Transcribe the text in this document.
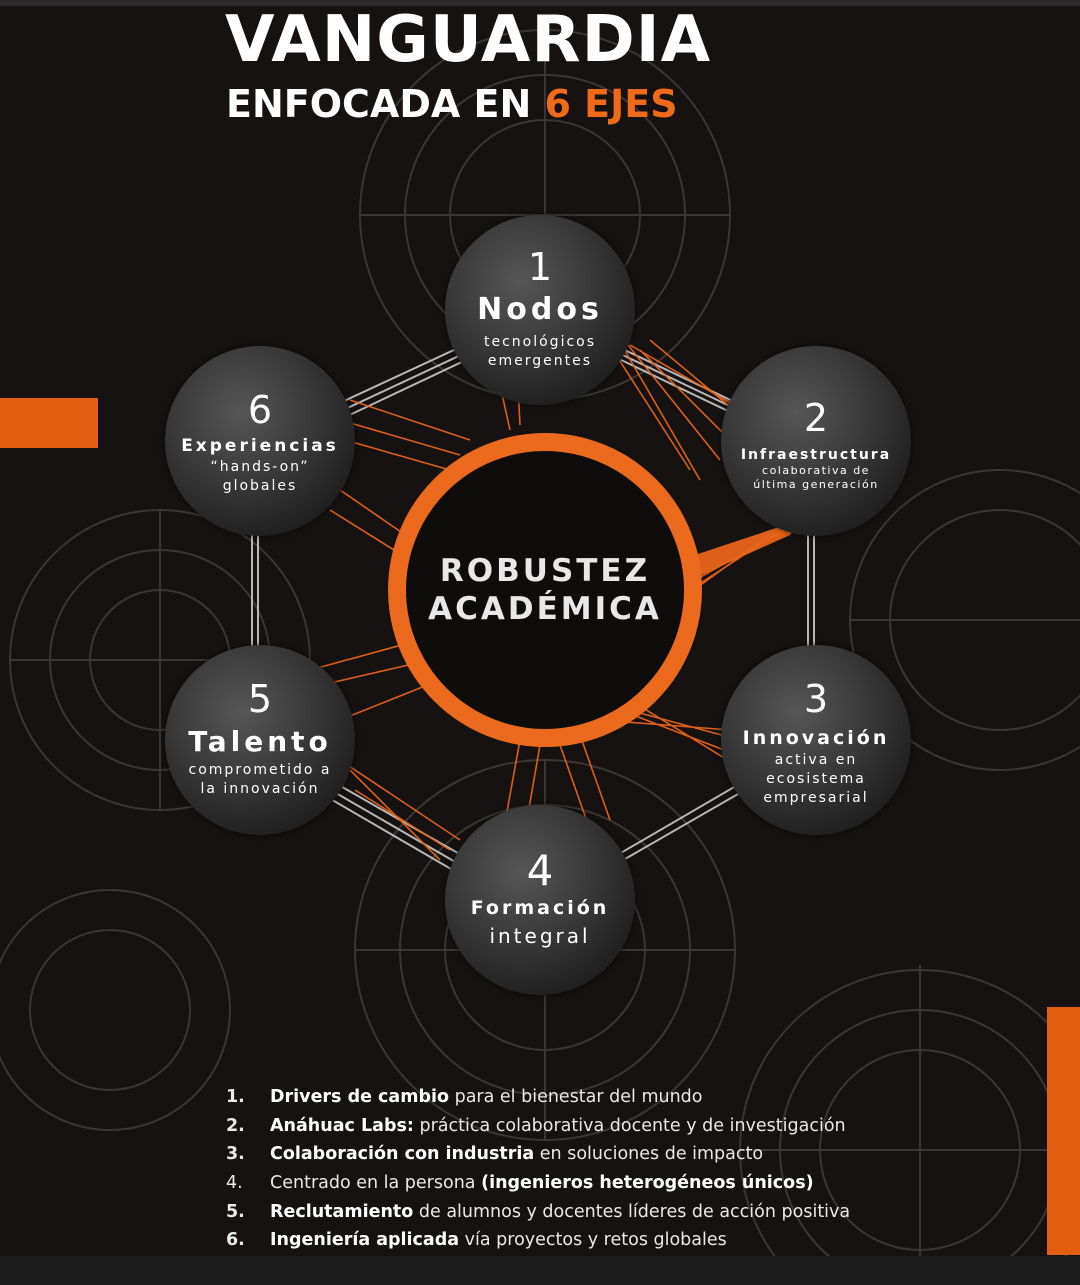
VANGUARDIA
ENFOCADA EN 6 EJES
ROBUSTEZ
ACADÉMICA
1
Nodos
tecnológicos
emergentes
2
Infraestructura
colaborativa de
última generación
3
Innovación
activa en
ecosistema
empresarial
4
Formación
integral
5
Talento
comprometido a
la innovación
6
Experiencias
“hands-on”
globales
1. Drivers de cambio para el bienestar del mundo
2. Anáhuac Labs: práctica colaborativa docente y de investigación
3. Colaboración con industria en soluciones de impacto
4. Centrado en la persona (ingenieros heterogéneos únicos)
5. Reclutamiento de alumnos y docentes líderes de acción positiva
6. Ingeniería aplicada vía proyectos y retos globales
